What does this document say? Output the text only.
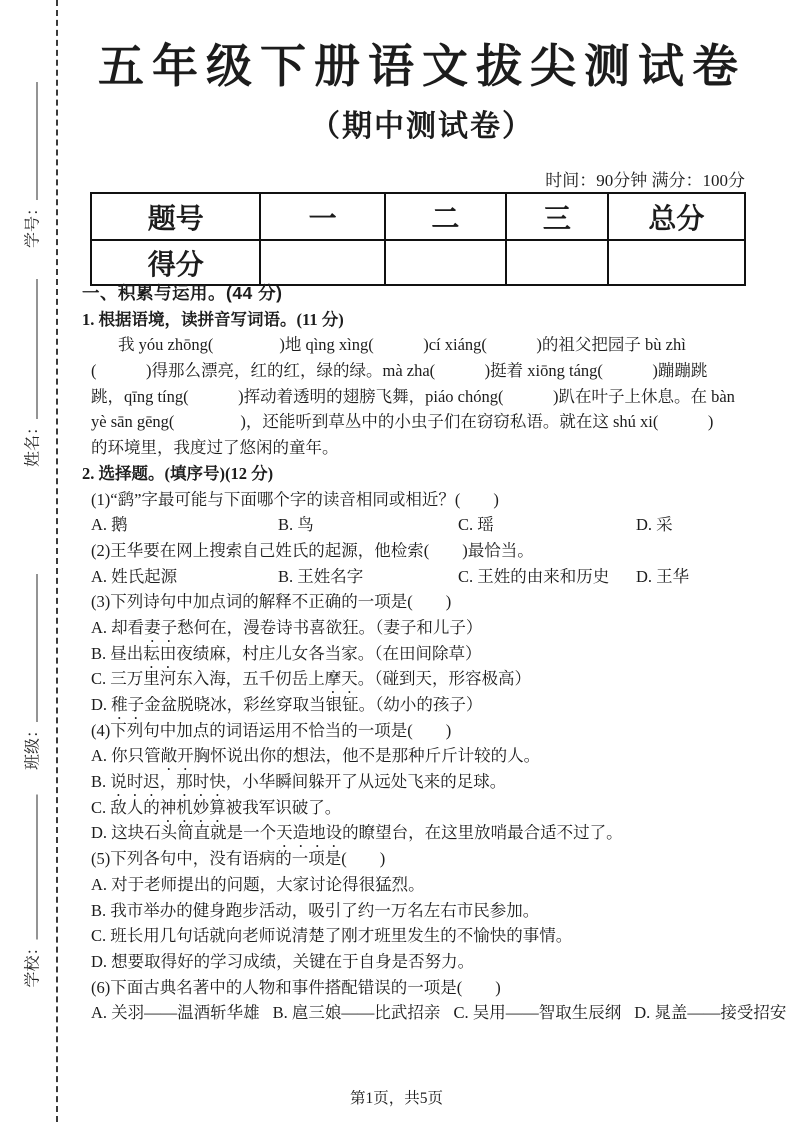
学号：
姓名：
班级：
学校：
五年级下册语文拔尖测试卷
（期中测试卷）
时间：90分钟 满分：100分
题号	一	二	三	总分
得分				
一、积累与运用。(44 分)
1. 根据语境，读拼音写词语。(11 分)
我 yóu zhōng(　　　　)地 qìng xìng(　　　)cí xiáng(　　　)的祖父把园子 bù zhì
(　　　)得那么漂亮，红的红，绿的绿。mà zha(　　　)挺着 xiōng táng(　　　)蹦蹦跳
跳，qīng tíng(　　　)挥动着透明的翅膀飞舞，piáo chóng(　　　)趴在叶子上休息。在 bàn
yè sān gēng(　　　　)，还能听到草丛中的小虫子们在窃窃私语。就在这 shú xi(　　　)
的环境里，我度过了悠闲的童年。
2. 选择题。(填序号)(12 分)
(1)“鹞”字最可能与下面哪个字的读音相同或相近？(　　)
A. 鹅	B. 鸟	C. 瑶	D. 采
(2)王华要在网上搜索自己姓氏的起源，他检索(　　)最恰当。
A. 姓氏起源	B. 王姓名字	C. 王姓的由来和历史	D. 王华
(3)下列诗句中加点词的解释不正确的一项是(　　)
A. 却看妻子愁何在，漫卷诗书喜欲狂。（妻子和儿子）
B. 昼出耘田夜绩麻，村庄儿女各当家。（在田间除草）
C. 三万里河东入海，五千仞岳上摩天。（碰到天，形容极高）
D. 稚子金盆脱晓冰，彩丝穿取当银钲。（幼小的孩子）
(4)下列句中加点的词语运用不恰当的一项是(　　)
A. 你只管敞开胸怀说出你的想法，他不是那种斤斤计较的人。
B. 说时迟，那时快，小华瞬间躲开了从远处飞来的足球。
C. 敌人的神机妙算被我军识破了。
D. 这块石头简直就是一个天造地设的瞭望台，在这里放哨最合适不过了。
(5)下列各句中，没有语病的一项是(　　)
A. 对于老师提出的问题，大家讨论得很猛烈。
B. 我市举办的健身跑步活动，吸引了约一万名左右市民参加。
C. 班长用几句话就向老师说清楚了刚才班里发生的不愉快的事情。
D. 想要取得好的学习成绩，关键在于自身是否努力。
(6)下面古典名著中的人物和事件搭配错误的一项是(　　)
A. 关羽——温酒斩华雄 B. 扈三娘——比武招亲 C. 吴用——智取生辰纲 D. 晁盖——接受招安
第1页，共5页
